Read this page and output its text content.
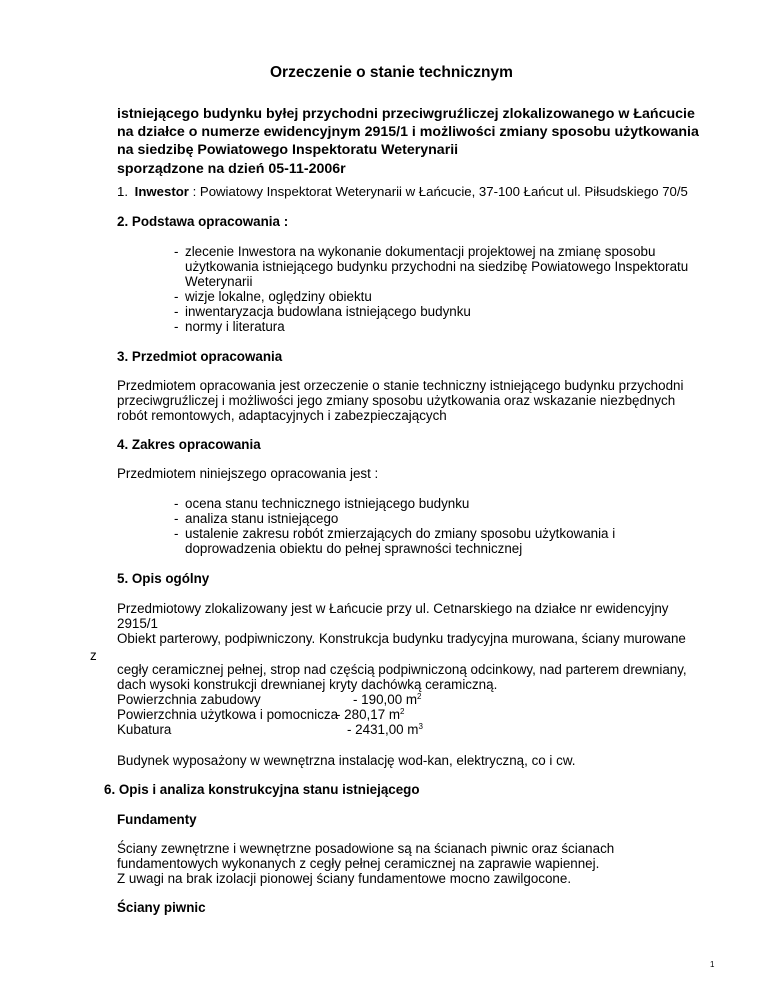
Orzeczenie o stanie technicznym
istniejącego budynku byłej przychodni przeciwgruźliczej zlokalizowanego w Łańcucie
na działce o numerze ewidencyjnym 2915/1 i możliwości zmiany sposobu użytkowania
na siedzibę Powiatowego Inspektoratu Weterynarii
sporządzone na dzień 05-11-2006r
1. Inwestor : Powiatowy Inspektorat Weterynarii w Łańcucie, 37-100 Łańcut ul. Piłsudskiego 70/5
2. Podstawa opracowania :
- zlecenie Inwestora na wykonanie dokumentacji projektowej na zmianę sposobu
użytkowania istniejącego budynku przychodni na siedzibę Powiatowego Inspektoratu
Weterynarii
- wizje lokalne, oględziny obiektu
- inwentaryzacja budowlana istniejącego budynku
- normy i literatura
3. Przedmiot opracowania
Przedmiotem opracowania jest orzeczenie o stanie techniczny istniejącego budynku przychodni
przeciwgruźliczej i możliwości jego zmiany sposobu użytkowania oraz wskazanie niezbędnych
robót remontowych, adaptacyjnych i zabezpieczających
4. Zakres opracowania
Przedmiotem niniejszego opracowania jest :
- ocena stanu technicznego istniejącego budynku
- analiza stanu istniejącego
- ustalenie zakresu robót zmierzających do zmiany sposobu użytkowania i
doprowadzenia obiektu do pełnej sprawności technicznej
5. Opis ogólny
Przedmiotowy zlokalizowany jest w Łańcucie przy ul. Cetnarskiego na działce nr ewidencyjny
2915/1
Obiekt parterowy, podpiwniczony. Konstrukcja budynku tradycyjna murowana, ściany murowane
z
cegły ceramicznej pełnej, strop nad częścią podpiwniczoną odcinkowy, nad parterem drewniany,
dach wysoki konstrukcji drewnianej kryty dachówką ceramiczną.
Powierzchnia zabudowy	- 190,00 $m^2$
Powierzchnia użytkowa i pomocnicza
- 280,17 $m^2$
Kubatura	- 2431,00 $m^3$
Budynek wyposażony w wewnętrzna instalację wod-kan, elektryczną, co i cw.
6. Opis i analiza konstrukcyjna stanu istniejącego
Fundamenty
Ściany zewnętrzne i wewnętrzne posadowione są na ścianach piwnic oraz ścianach
fundamentowych wykonanych z cegły pełnej ceramicznej na zaprawie wapiennej.
Z uwagi na brak izolacji pionowej ściany fundamentowe mocno zawilgocone.
Ściany piwnic
1
